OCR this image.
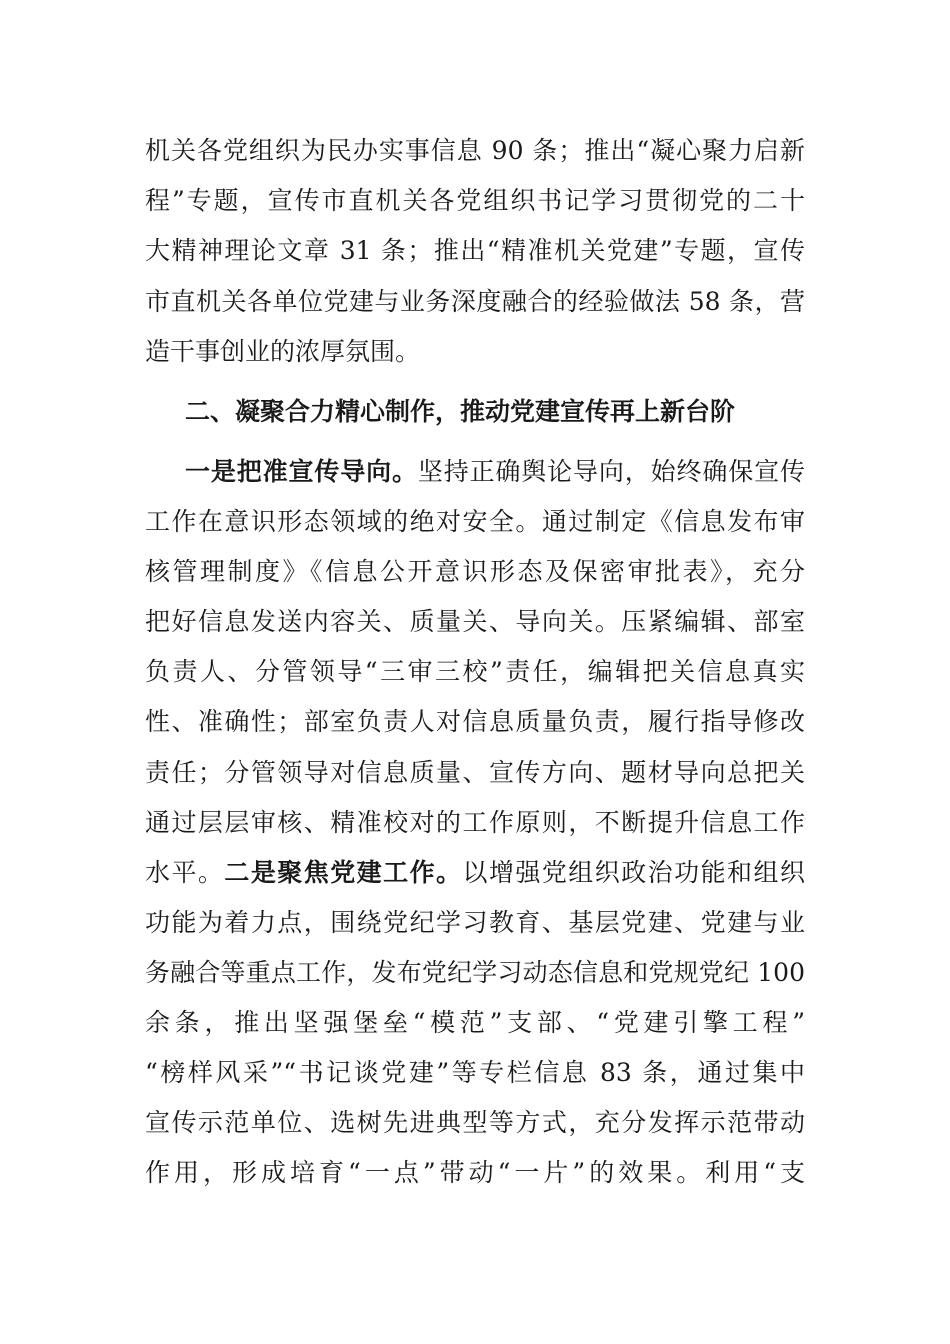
机关各党组织为民办实事信息 90 条；推出“凝心聚力启新
程”专题，宣传市直机关各党组织书记学习贯彻党的二十
大精神理论文章 31 条；推出“精准机关党建”专题，宣传
市直机关各单位党建与业务深度融合的经验做法 58 条，营
造干事创业的浓厚氛围。
二、凝聚合力精心制作，推动党建宣传再上新台阶
一是把准宣传导向。坚持正确舆论导向，始终确保宣传
工作在意识形态领域的绝对安全。通过制定《信息发布审
核管理制度》《信息公开意识形态及保密审批表》，充分
把好信息发送内容关、质量关、导向关。压紧编辑、部室
负责人、分管领导“三审三校”责任，编辑把关信息真实
性、准确性；部室负责人对信息质量负责，履行指导修改
责任；分管领导对信息质量、宣传方向、题材导向总把关
通过层层审核、精准校对的工作原则，不断提升信息工作
水平。二是聚焦党建工作。以增强党组织政治功能和组织
功能为着力点，围绕党纪学习教育、基层党建、党建与业
务融合等重点工作，发布党纪学习动态信息和党规党纪 100
余条，推出坚强堡垒“模范”支部、“党建引擎工程”
“榜样风采”“书记谈党建”等专栏信息 83 条，通过集中
宣传示范单位、选树先进典型等方式，充分发挥示范带动
作用，形成培育“一点”带动“一片”的效果。利用“支
